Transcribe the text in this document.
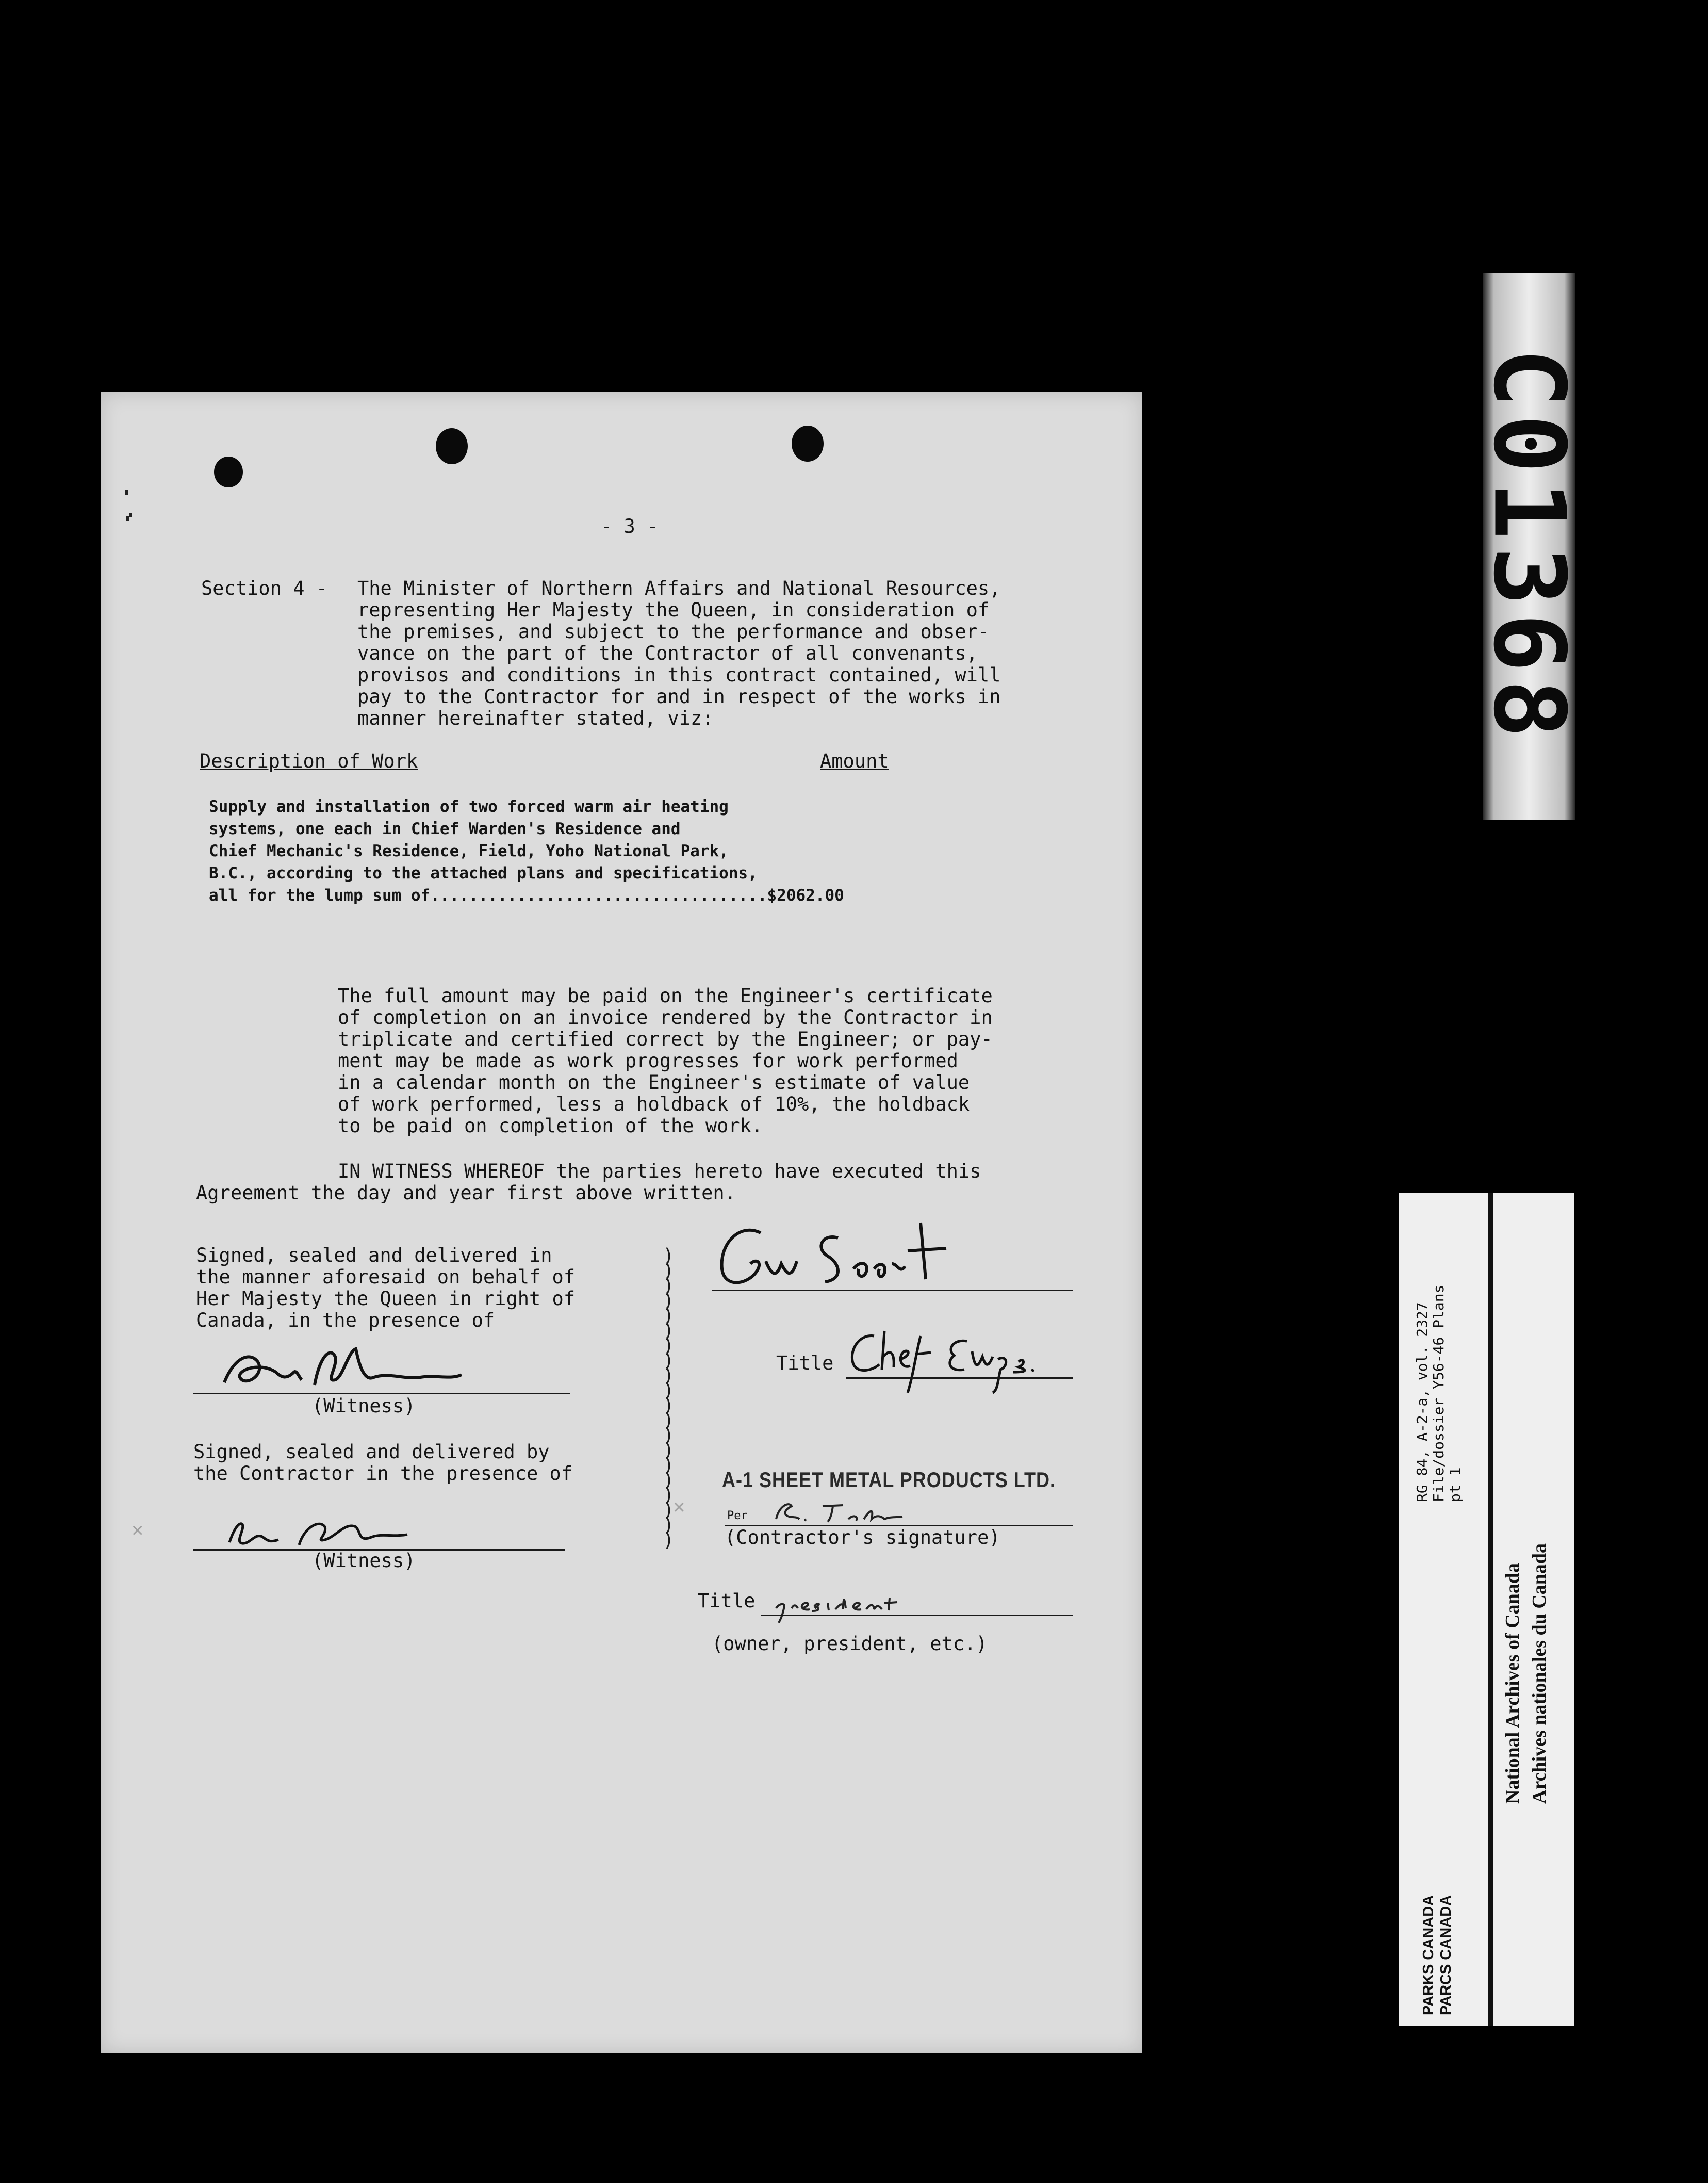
- 3 -
Section 4 - The Minister of Northern Affairs and National Resources,
representing Her Majesty the Queen, in consideration of
the premises, and subject to the performance and obser-
vance on the part of the Contractor of all convenants,
provisos and conditions in this contract contained, will
pay to the Contractor for and in respect of the works in
manner hereinafter stated, viz:
Description of Work	Amount
Supply and installation of two forced warm air heating
systems, one each in Chief Warden's Residence and
Chief Mechanic's Residence, Field, Yoho National Park,
B.C., according to the attached plans and specifications,
all for the lump sum of...................................$2062.00
The full amount may be paid on the Engineer's certificate
of completion on an invoice rendered by the Contractor in
triplicate and certified correct by the Engineer; or pay-
ment may be made as work progresses for work performed
in a calendar month on the Engineer's estimate of value
of work performed, less a holdback of 10%, the holdback
to be paid on completion of the work.
IN WITNESS WHEREOF the parties hereto have executed this
Agreement the day and year first above written.
Signed, sealed and delivered in
the manner aforesaid on behalf of
Her Majesty the Queen in right of
Canada, in the presence of
(Witness)
Signed, sealed and delivered by
the Contractor in the presence of
×
(Witness)
)
)
)
)
)
)
)
)
)
)
)
)
)
)
)
)
)
)
)
)
Title
A-1 SHEET METAL PRODUCTS LTD.
×	Per
(Contractor's signature)
Title
(owner, president, etc.)
C01368
RG 84, A-2-a, vol. 2327 File/dossier Y56-46 Plans pt 1
PARKS CANADA PARCS CANADA
National Archives of Canada Archives nationales du Canada
